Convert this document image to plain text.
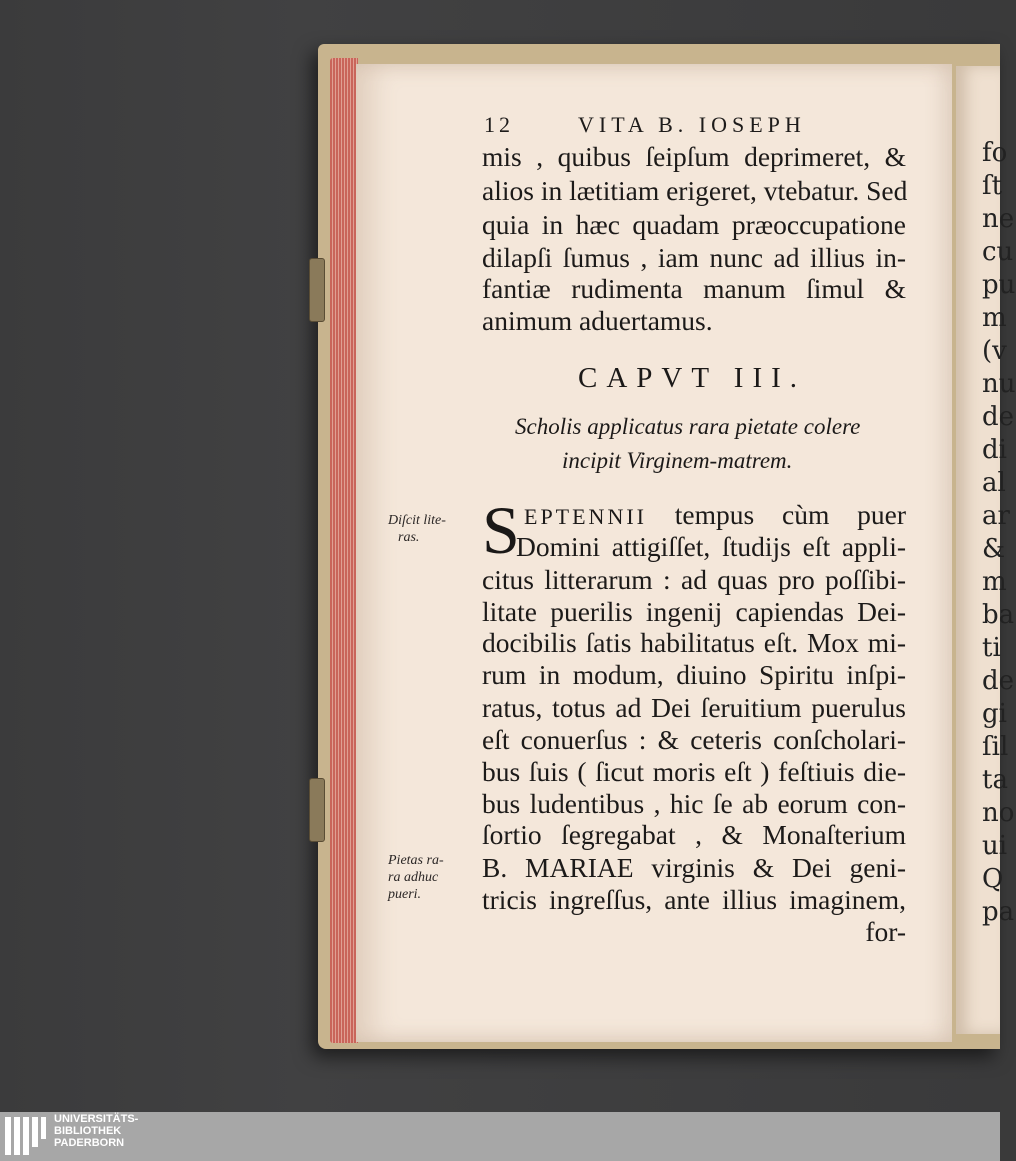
fo
ſt
ne
cu
pu
m
(v
nu
de
di
al
ar
&
m
ba
ti
de
gi
ſil
ta
no
ui
Q
pa
12	VITA B. IOSEPH
mis , quibus ſeipſum deprimeret, &
alios in lætitiam erigeret, vtebatur. Sed
quia in hæc quadam præoccupatione
dilapſi ſumus , iam nunc ad illius in-
fantiæ rudimenta manum ſimul &
animum aduertamus.
CAPVT III.
Scholis applicatus rara pietate colere
incipit Virginem-matrem.
S EPTENNII tempus cùm puer
Domini attigiſſet, ſtudijs eſt appli-
citus litterarum : ad quas pro poſſibi-
litate puerilis ingenij capiendas Dei-
docibilis ſatis habilitatus eſt. Mox mi-
rum in modum, diuino Spiritu inſpi-
ratus, totus ad Dei ſeruitium puerulus
eſt conuerſus : & ceteris conſcholari-
bus ſuis ( ſicut moris eſt ) feſtiuis die-
bus ludentibus , hic ſe ab eorum con-
ſortio ſegregabat , & Monaſterium
B. MARIAE virginis & Dei geni-
tricis ingreſſus, ante illius imaginem,
for-
Diſcit lite-
ras.
Pietas ra-
ra adhuc
pueri.
UNIVERSITÄTS-
BIBLIOTHEK
PADERBORN
